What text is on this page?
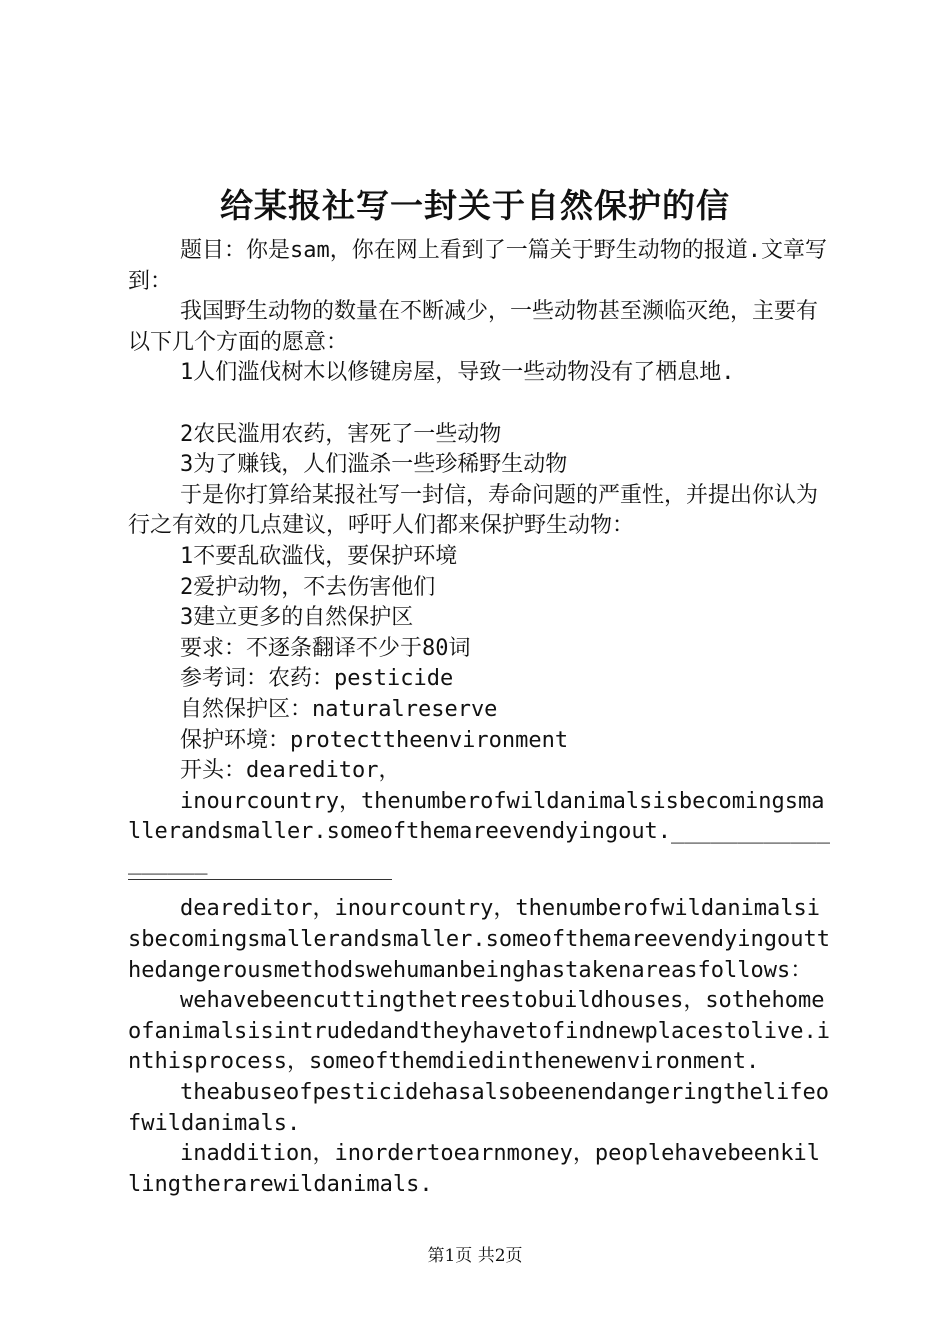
给某报社写一封关于自然保护的信

题目：你是sam，你在网上看到了一篇关于野生动物的报道.文章写到：

我国野生动物的数量在不断减少，一些动物甚至濒临灭绝，主要有以下几个方面的愿意：

1人们滥伐树木以修键房屋，导致一些动物没有了栖息地.

2农民滥用农药，害死了一些动物

3为了赚钱，人们滥杀一些珍稀野生动物

于是你打算给某报社写一封信，寿命问题的严重性，并提出你认为行之有效的几点建议，呼吁人们都来保护野生动物：

1不要乱砍滥伐，要保护环境

2爱护动物，不去伤害他们

3建立更多的自然保护区

要求：不逐条翻译不少于80词

参考词：农药：pesticide

自然保护区：naturalreserve

保护环境：protecttheenvironment

开头：deareditor，

inourcountry，thenumberofwildanimalsisbecomingsmallerandsmaller.someofthemareevendyingout.__________________

deareditor，inourcountry，thenumberofwildanimalsisbecomingsmallerandsmaller.someofthemareevendyingoutthedangerousmethodswehumanbeinghastakenareasfollows：

wehavebeencuttingthetreestobuildhouses，sothehomeofanimalsisintrudedandtheyhavetofindnewplacestolive.inthisprocess，someofthemdiedinthenewenvironment.

theabuseofpesticidehasalsobeenendangeringthelifeofwildanimals.

inaddition，inordertoearnmoney，peoplehavebeenkillingtherarewildanimals.

第1页 共2页
